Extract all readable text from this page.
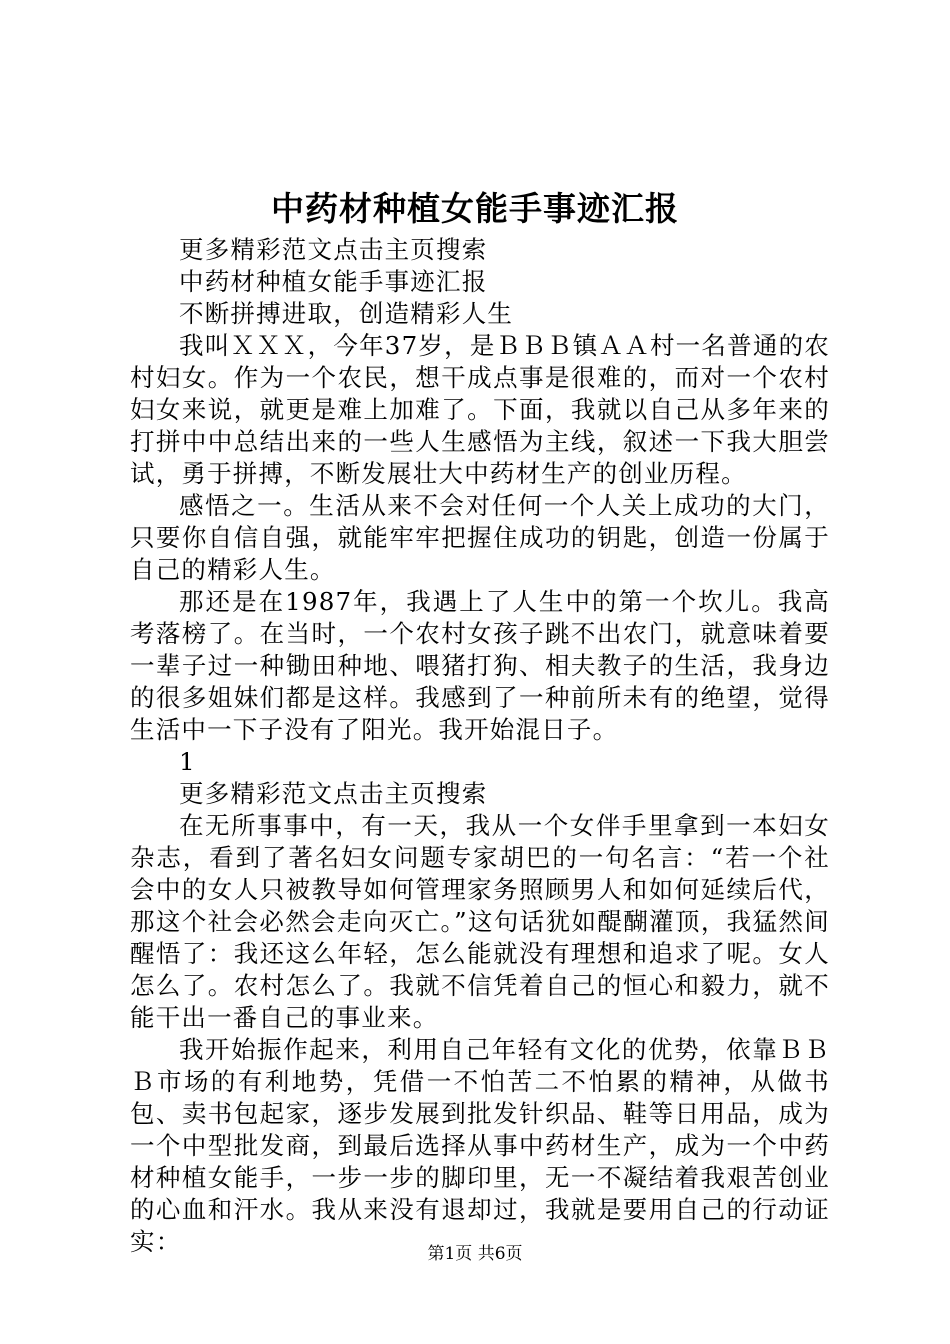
中药材种植女能手事迹汇报

更多精彩范文点击主页搜索

中药材种植女能手事迹汇报

不断拼搏进取，创造精彩人生

我叫ＸＸＸ，今年37岁，是ＢＢＢ镇ＡＡ村一名普通的农村妇女。作为一个农民，想干成点事是很难的，而对一个农村妇女来说，就更是难上加难了。下面，我就以自己从多年来的打拼中中总结出来的一些人生感悟为主线，叙述一下我大胆尝试，勇于拼搏，不断发展壮大中药材生产的创业历程。

感悟之一。生活从来不会对任何一个人关上成功的大门，只要你自信自强，就能牢牢把握住成功的钥匙，创造一份属于自己的精彩人生。

那还是在1987年，我遇上了人生中的第一个坎儿。我高考落榜了。在当时，一个农村女孩子跳不出农门，就意味着要一辈子过一种锄田种地、喂猪打狗、相夫教子的生活，我身边的很多姐妹们都是这样。我感到了一种前所未有的绝望，觉得生活中一下子没有了阳光。我开始混日子。

1

更多精彩范文点击主页搜索

在无所事事中，有一天，我从一个女伴手里拿到一本妇女杂志，看到了著名妇女问题专家胡巴的一句名言：“若一个社会中的女人只被教导如何管理家务照顾男人和如何延续后代，那这个社会必然会走向灭亡。”这句话犹如醍醐灌顶，我猛然间醒悟了：我还这么年轻，怎么能就没有理想和追求了呢。女人怎么了。农村怎么了。我就不信凭着自己的恒心和毅力，就不能干出一番自己的事业来。

我开始振作起来，利用自己年轻有文化的优势，依靠ＢＢＢ市场的有利地势，凭借一不怕苦二不怕累的精神，从做书包、卖书包起家，逐步发展到批发针织品、鞋等日用品，成为一个中型批发商，到最后选择从事中药材生产，成为一个中药材种植女能手，一步一步的脚印里，无一不凝结着我艰苦创业的心血和汗水。我从来没有退却过，我就是要用自己的行动证实：	第1页 共6页
